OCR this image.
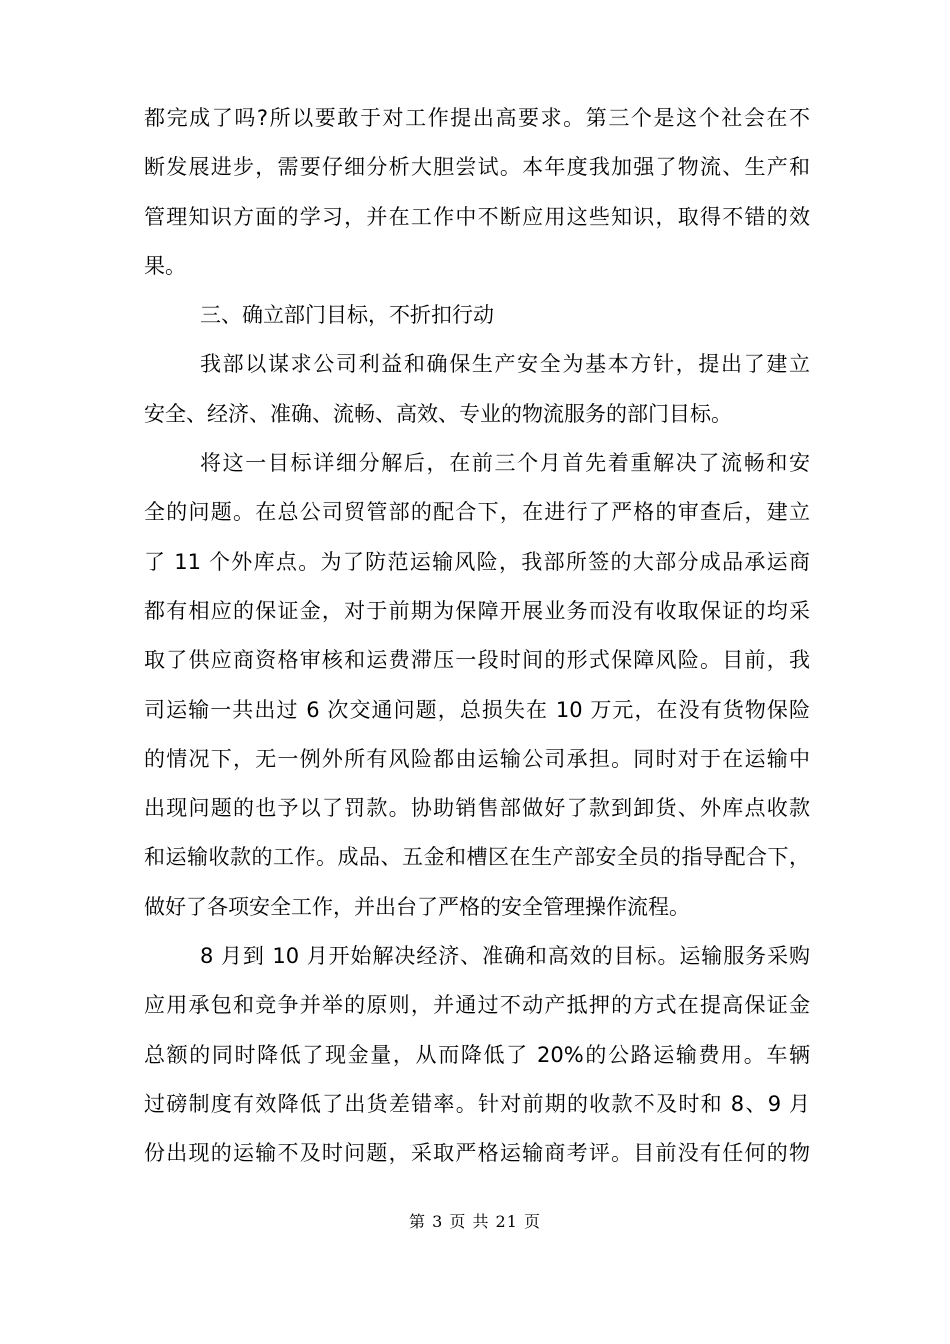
都完成了吗?所以要敢于对工作提出高要求。第三个是这个社会在不
断发展进步，需要仔细分析大胆尝试。本年度我加强了物流、生产和
管理知识方面的学习，并在工作中不断应用这些知识，取得不错的效
果。
三、确立部门目标，不折扣行动
我部以谋求公司利益和确保生产安全为基本方针，提出了建立
安全、经济、准确、流畅、高效、专业的物流服务的部门目标。
将这一目标详细分解后，在前三个月首先着重解决了流畅和安
全的问题。在总公司贸管部的配合下，在进行了严格的审查后，建立
了 11 个外库点。为了防范运输风险，我部所签的大部分成品承运商
都有相应的保证金，对于前期为保障开展业务而没有收取保证的均采
取了供应商资格审核和运费滞压一段时间的形式保障风险。目前，我
司运输一共出过 6 次交通问题，总损失在 10 万元，在没有货物保险
的情况下，无一例外所有风险都由运输公司承担。同时对于在运输中
出现问题的也予以了罚款。协助销售部做好了款到卸货、外库点收款
和运输收款的工作。成品、五金和槽区在生产部安全员的指导配合下，
做好了各项安全工作，并出台了严格的安全管理操作流程。
8 月到 10 月开始解决经济、准确和高效的目标。运输服务采购
应用承包和竞争并举的原则，并通过不动产抵押的方式在提高保证金
总额的同时降低了现金量，从而降低了 20%的公路运输费用。车辆
过磅制度有效降低了出货差错率。针对前期的收款不及时和 8、9 月
份出现的运输不及时问题，采取严格运输商考评。目前没有任何的物
第 3 页 共 21 页
